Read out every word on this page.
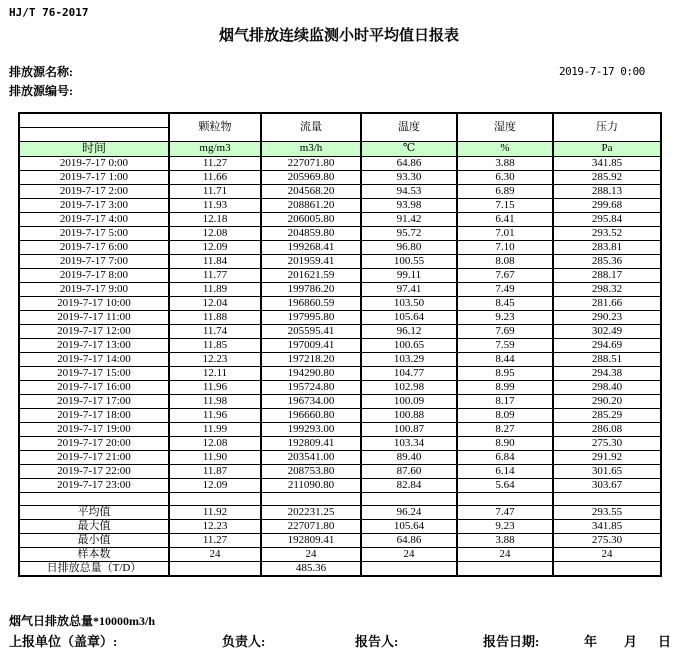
HJ/T 76-2017
烟气排放连续监测小时平均值日报表
排放源名称:
排放源编号:
2019-7-17 0:00
	颗粒物	流量	温度	湿度	压力

时间	mg/m3	m3/h	℃	%	Pa
2019-7-17 0:00	11.27	227071.80	64.86	3.88	341.85
2019-7-17 1:00	11.66	205969.80	93.30	6.30	285.92
2019-7-17 2:00	11.71	204568.20	94.53	6.89	288.13
2019-7-17 3:00	11.93	208861.20	93.98	7.15	299.68
2019-7-17 4:00	12.18	206005.80	91.42	6.41	295.84
2019-7-17 5:00	12.08	204859.80	95.72	7.01	293.52
2019-7-17 6:00	12.09	199268.41	96.80	7.10	283.81
2019-7-17 7:00	11.84	201959.41	100.55	8.08	285.36
2019-7-17 8:00	11.77	201621.59	99.11	7.67	288.17
2019-7-17 9:00	11.89	199786.20	97.41	7.49	298.32
2019-7-17 10:00	12.04	196860.59	103.50	8.45	281.66
2019-7-17 11:00	11.88	197995.80	105.64	9.23	290.23
2019-7-17 12:00	11.74	205595.41	96.12	7.69	302.49
2019-7-17 13:00	11.85	197009.41	100.65	7.59	294.69
2019-7-17 14:00	12.23	197218.20	103.29	8.44	288.51
2019-7-17 15:00	12.11	194290.80	104.77	8.95	294.38
2019-7-17 16:00	11.96	195724.80	102.98	8.99	298.40
2019-7-17 17:00	11.98	196734.00	100.09	8.17	290.20
2019-7-17 18:00	11.96	196660.80	100.88	8.09	285.29
2019-7-17 19:00	11.99	199293.00	100.87	8.27	286.08
2019-7-17 20:00	12.08	192809.41	103.34	8.90	275.30
2019-7-17 21:00	11.90	203541.00	89.40	6.84	291.92
2019-7-17 22:00	11.87	208753.80	87.60	6.14	301.65
2019-7-17 23:00	12.09	211090.80	82.84	5.64	303.67

平均值	11.92	202231.25	96.24	7.47	293.55
最大值	12.23	227071.80	105.64	9.23	341.85
最小值	11.27	192809.41	64.86	3.88	275.30
样本数	24	24	24	24	24
日排放总量（T/D）		485.36			
烟气日排放总量*10000m3/h
上报单位（盖章）:	负责人:	报告人:	报告日期:	年 月 日
